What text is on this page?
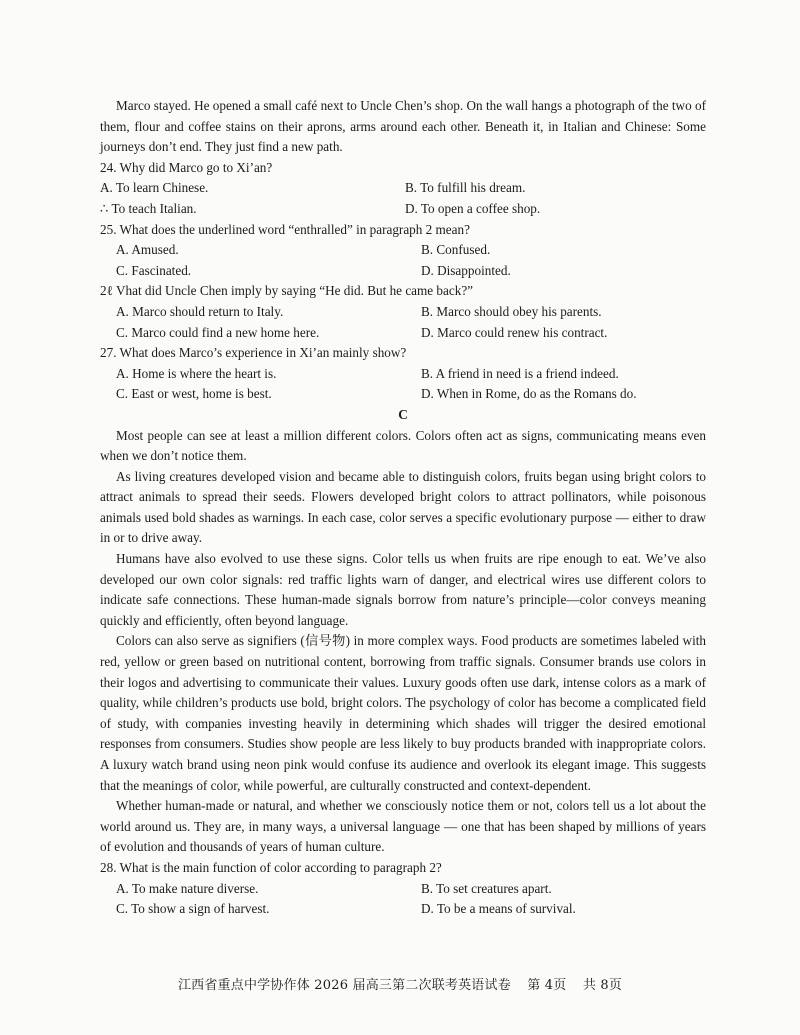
Marco stayed. He opened a small café next to Uncle Chen’s shop. On the wall hangs a photograph of the two of them, flour and coffee stains on their aprons, arms around each other. Beneath it, in Italian and Chinese: Some journeys don’t end. They just find a new path.

24. Why did Marco go to Xi’an?

A. To learn Chinese.	B. To fulfill his dream.
∴ To teach Italian.	D. To open a coffee shop.

25. What does the underlined word “enthralled” in paragraph 2 mean?

A. Amused.	B. Confused.
C. Fascinated.	D. Disappointed.

2ℓ Vhat did Uncle Chen imply by saying “He did. But he came back?”

A. Marco should return to Italy.	B. Marco should obey his parents.
C. Marco could find a new home here.	D. Marco could renew his contract.

27. What does Marco’s experience in Xi’an mainly show?

A. Home is where the heart is.	B. A friend in need is a friend indeed.
C. East or west, home is best.	D. When in Rome, do as the Romans do.

C

Most people can see at least a million different colors. Colors often act as signs, communicating means even when we don’t notice them.

As living creatures developed vision and became able to distinguish colors, fruits began using bright colors to attract animals to spread their seeds. Flowers developed bright colors to attract pollinators, while poisonous animals used bold shades as warnings. In each case, color serves a specific evolutionary purpose — either to draw in or to drive away.

Humans have also evolved to use these signs. Color tells us when fruits are ripe enough to eat. We’ve also developed our own color signals: red traffic lights warn of danger, and electrical wires use different colors to indicate safe connections. These human-made signals borrow from nature’s principle—color conveys meaning quickly and efficiently, often beyond language.

Colors can also serve as signifiers (信号物) in more complex ways. Food products are sometimes labeled with red, yellow or green based on nutritional content, borrowing from traffic signals. Consumer brands use colors in their logos and advertising to communicate their values. Luxury goods often use dark, intense colors as a mark of quality, while children’s products use bold, bright colors. The psychology of color has become a complicated field of study, with companies investing heavily in determining which shades will trigger the desired emotional responses from consumers. Studies show people are less likely to buy products branded with inappropriate colors. A luxury watch brand using neon pink would confuse its audience and overlook its elegant image. This suggests that the meanings of color, while powerful, are culturally constructed and context-dependent.

Whether human-made or natural, and whether we consciously notice them or not, colors tell us a lot about the world around us. They are, in many ways, a universal language — one that has been shaped by millions of years of evolution and thousands of years of human culture.

28. What is the main function of color according to paragraph 2?

A. To make nature diverse.	B. To set creatures apart.
C. To show a sign of harvest.	D. To be a means of survival.
江西省重点中学协作体 2026 届高三第二次联考英语试卷 第 4页 共 8页
